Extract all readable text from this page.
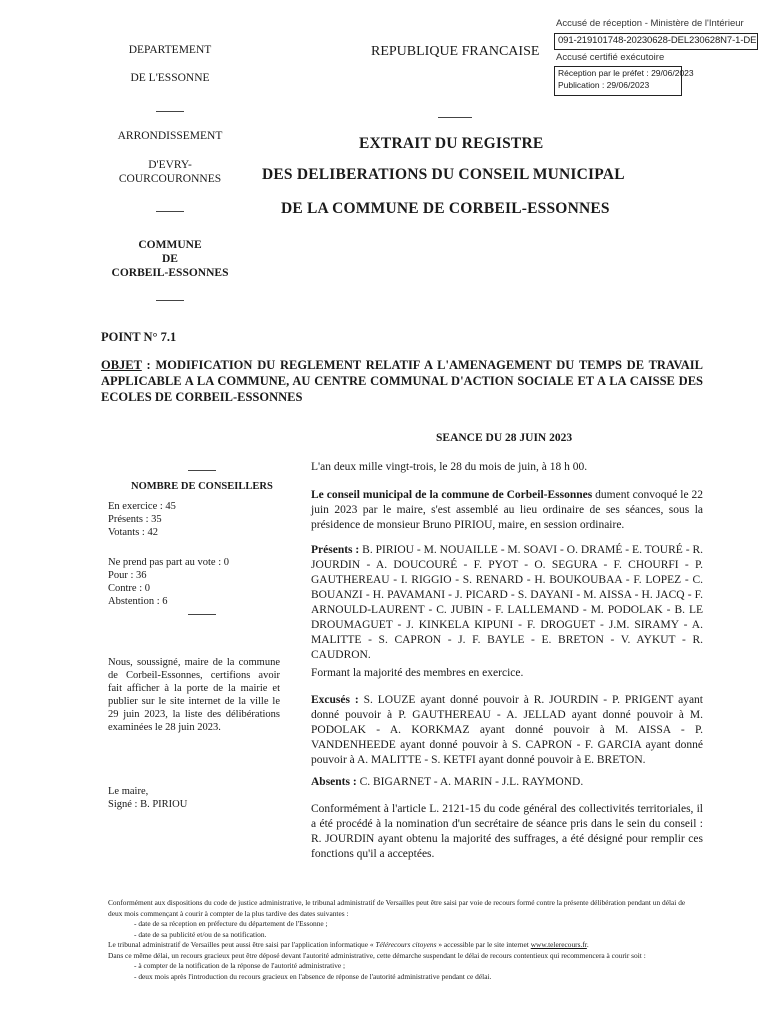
Accusé de réception - Ministère de l'Intérieur
091-219101748-20230628-DEL230628N7-1-DE
Accusé certifié exécutoire
Réception par le préfet : 29/06/2023
Publication : 29/06/2023
DEPARTEMENT
DE L'ESSONNE
ARRONDISSEMENT
D'EVRY-
COURCOURONNES
COMMUNE
DE
CORBEIL-ESSONNES
REPUBLIQUE FRANCAISE
EXTRAIT DU REGISTRE
DES DELIBERATIONS DU CONSEIL MUNICIPAL
DE LA COMMUNE DE CORBEIL-ESSONNES
POINT N° 7.1
OBJET : MODIFICATION DU REGLEMENT RELATIF A L'AMENAGEMENT DU TEMPS DE TRAVAIL APPLICABLE A LA COMMUNE, AU CENTRE COMMUNAL D'ACTION SOCIALE ET A LA CAISSE DES ECOLES DE CORBEIL-ESSONNES
SEANCE DU 28 JUIN 2023
NOMBRE DE CONSEILLERS
En exercice : 45
Présents : 35
Votants : 42
Ne prend pas part au vote : 0
Pour : 36
Contre : 0
Abstention : 6
Nous, soussigné, maire de la commune de Corbeil-Essonnes, certifions avoir fait afficher à la porte de la mairie et publier sur le site internet de la ville le 29 juin 2023, la liste des délibérations examinées le 28 juin 2023.
Le maire,
Signé : B. PIRIOU
L'an deux mille vingt-trois, le 28 du mois de juin, à 18 h 00.
Le conseil municipal de la commune de Corbeil-Essonnes dument convoqué le 22 juin 2023 par le maire, s'est assemblé au lieu ordinaire de ses séances, sous la présidence de monsieur Bruno PIRIOU, maire, en session ordinaire.
Présents : B. PIRIOU - M. NOUAILLE - M. SOAVI - O. DRAMÉ - E. TOURÉ - R. JOURDIN - A. DOUCOURÉ - F. PYOT - O. SEGURA - F. CHOURFI - P. GAUTHEREAU - I. RIGGIO - S. RENARD - H. BOUKOUBAA - F. LOPEZ - C. BOUANZI - H. PAVAMANI - J. PICARD - S. DAYANI - M. AISSA - H. JACQ - F. ARNOULD-LAURENT - C. JUBIN - F. LALLEMAND - M. PODOLAK - B. LE DROUMAGUET - J. KINKELA KIPUNI - F. DROGUET - J.M. SIRAMY - A. MALITTE - S. CAPRON - J. F. BAYLE - E. BRETON - V. AYKUT - R. CAUDRON.
Formant la majorité des membres en exercice.
Excusés : S. LOUZE ayant donné pouvoir à R. JOURDIN - P. PRIGENT ayant donné pouvoir à P. GAUTHEREAU - A. JELLAD ayant donné pouvoir à M. PODOLAK - A. KORKMAZ ayant donné pouvoir à M. AISSA - P. VANDENHEEDE ayant donné pouvoir à S. CAPRON - F. GARCIA ayant donné pouvoir à A. MALITTE - S. KETFI ayant donné pouvoir à E. BRETON.
Absents : C. BIGARNET - A. MARIN - J.L. RAYMOND.
Conformément à l'article L. 2121-15 du code général des collectivités territoriales, il a été procédé à la nomination d'un secrétaire de séance pris dans le sein du conseil : R. JOURDIN ayant obtenu la majorité des suffrages, a été désigné pour remplir ces fonctions qu'il a acceptées.
Conformément aux dispositions du code de justice administrative, le tribunal administratif de Versailles peut être saisi par voie de recours formé contre la présente délibération pendant un délai de deux mois commençant à courir à compter de la plus tardive des dates suivantes :
- date de sa réception en préfecture du département de l'Essonne ;
- date de sa publicité et/ou de sa notification.
Le tribunal administratif de Versailles peut aussi être saisi par l'application informatique « Télérecours citoyens » accessible par le site internet www.telerecours.fr.
Dans ce même délai, un recours gracieux peut être déposé devant l'autorité administrative, cette démarche suspendant le délai de recours contentieux qui recommencera à courir soit :
- à compter de la notification de la réponse de l'autorité administrative ;
- deux mois après l'introduction du recours gracieux en l'absence de réponse de l'autorité administrative pendant ce délai.
